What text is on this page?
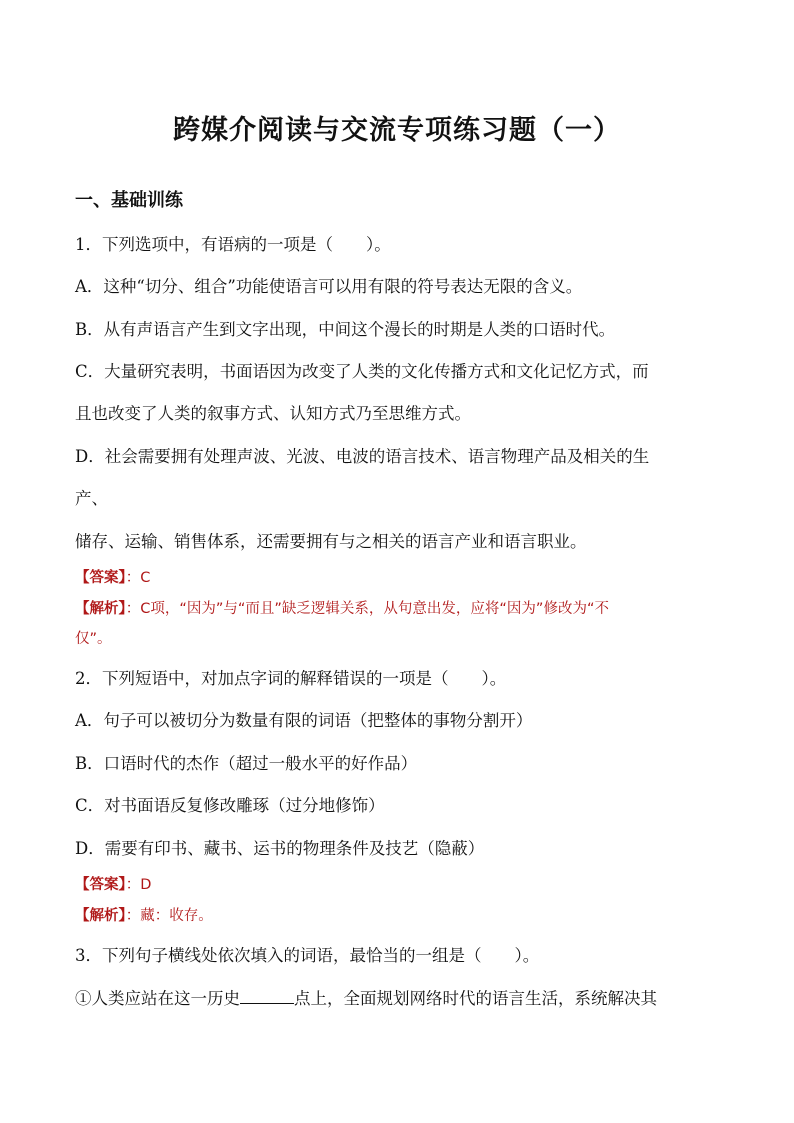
跨媒介阅读与交流专项练习题（一）
一、基础训练
1．下列选项中，有语病的一项是（　　）。
A．这种“切分、组合”功能使语言可以用有限的符号表达无限的含义。
B．从有声语言产生到文字出现，中间这个漫长的时期是人类的口语时代。
C．大量研究表明，书面语因为改变了人类的文化传播方式和文化记忆方式，而
且也改变了人类的叙事方式、认知方式乃至思维方式。
D．社会需要拥有处理声波、光波、电波的语言技术、语言物理产品及相关的生
产、
储存、运输、销售体系，还需要拥有与之相关的语言产业和语言职业。
【答案】：C
【解析】：C项，“因为”与“而且”缺乏逻辑关系，从句意出发，应将“因为”修改为“不
仅”。
2．下列短语中，对加点字词的解释错误的一项是（　　）。
A．句子可以被切分为数量有限的词语（把整体的事物分割开）
B．口语时代的杰作（超过一般水平的好作品）
C．对书面语反复修改雕琢（过分地修饰）
D．需要有印书、藏书、运书的物理条件及技艺（隐蔽）
【答案】：D
【解析】：藏：收存。
3．下列句子横线处依次填入的词语，最恰当的一组是（　　）。
①人类应站在这一历史	点上，全面规划网络时代的语言生活，系统解决其
